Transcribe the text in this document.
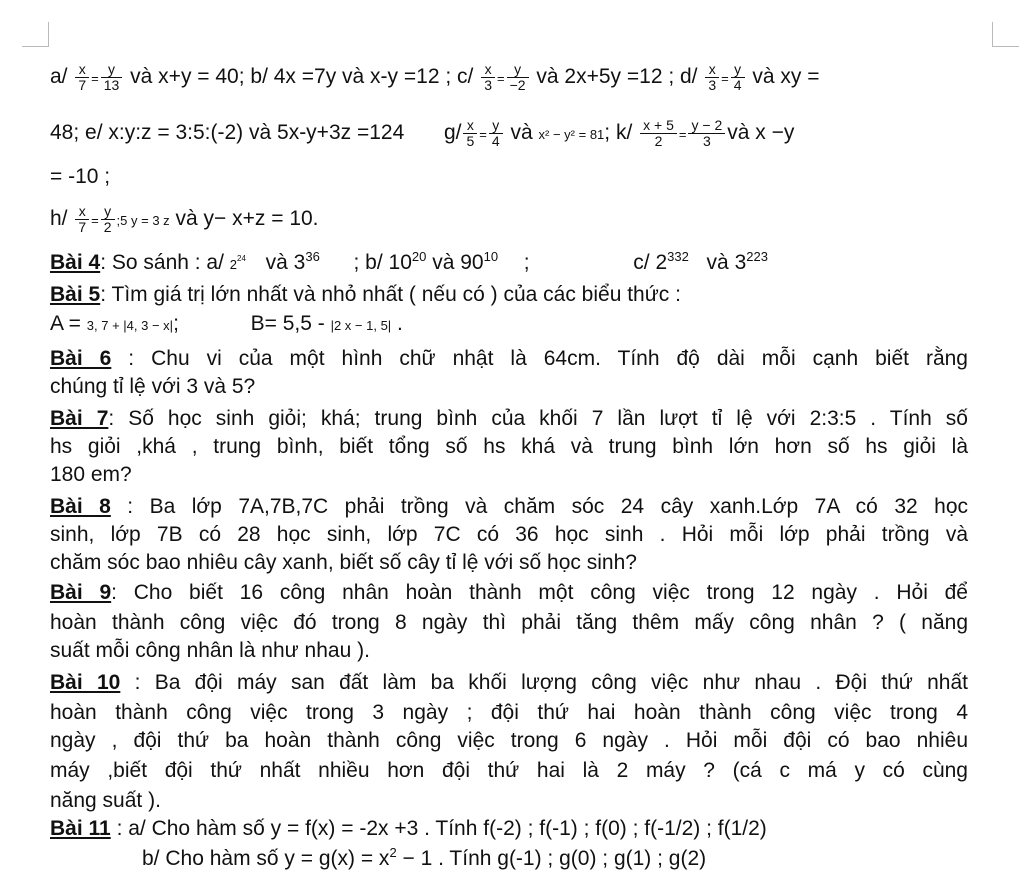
$a/ \frac{x}{7} = \frac{y}{13}$ và x+y = 40; b/ 4x =7y và x-y =12 ; $c/ \frac{x}{3} = \frac{y}{-2}$ và 2x+5y =12 ; $d/ \frac{x}{3} = \frac{y}{4}$ và xy =
48; e/ x:y:z = 3:5:(-2) và 5x-y+3z =124 $g/ \frac{x}{5} = \frac{y}{4}$ và x² − y² = 81; $k/ \frac{x + 5}{2} = \frac{y - 2}{3}$ và x −y
= -10 ;
$h/ \frac{x}{7} = \frac{y}{2}$ ;5 y = 3 z và y− x+z = 10.
Bài 4: So sánh : a/ $2^{24}$ và $3^{36}$ ; b/ $10^{20}$ và $90^{10}$ ;	c/ $2^{332}$ và $3^{223}$
Bài 5: Tìm giá trị lớn nhất và nhỏ nhất ( nếu có ) của các biểu thức :
A = 3, 7 + |4, 3 − x|;	B= 5,5 - |2 x − 1, 5| .
Bài 6 : Chu vi của một hình chữ nhật là 64cm. Tính độ dài mỗi cạnh biết rằng
chúng tỉ lệ với 3 và 5?
Bài 7: Số học sinh giỏi; khá; trung bình của khối 7 lần lượt tỉ lệ với 2:3:5 . Tính số
hs giỏi ,khá , trung bình, biết tổng số hs khá và trung bình lớn hơn số hs giỏi là
180 em?
Bài 8 : Ba lớp 7A,7B,7C phải trồng và chăm sóc 24 cây xanh.Lớp 7A có 32 học
sinh, lớp 7B có 28 học sinh, lớp 7C có 36 học sinh . Hỏi mỗi lớp phải trồng và
chăm sóc bao nhiêu cây xanh, biết số cây tỉ lệ với số học sinh?
Bài 9: Cho biết 16 công nhân hoàn thành một công việc trong 12 ngày . Hỏi để
hoàn thành công việc đó trong 8 ngày thì phải tăng thêm mấy công nhân ? ( năng
suất mỗi công nhân là như nhau ).
Bài 10 : Ba đội máy san đất làm ba khối lượng công việc như nhau . Đội thứ nhất
hoàn thành công việc trong 3 ngày ; đội thứ hai hoàn thành công việc trong 4
ngày , đội thứ ba hoàn thành công việc trong 6 ngày . Hỏi mỗi đội có bao nhiêu
máy ,biết đội thứ nhất nhiều hơn đội thứ hai là 2 máy ? (cá c má y có cùng
năng suất ).
Bài 11 : a/ Cho hàm số y = f(x) = -2x +3 . Tính f(-2) ; f(-1) ; f(0) ; f(-1/2) ; f(1/2)
b/ Cho hàm số $y = g(x) = x^2 - 1$ . Tính g(-1) ; g(0) ; g(1) ; g(2)
